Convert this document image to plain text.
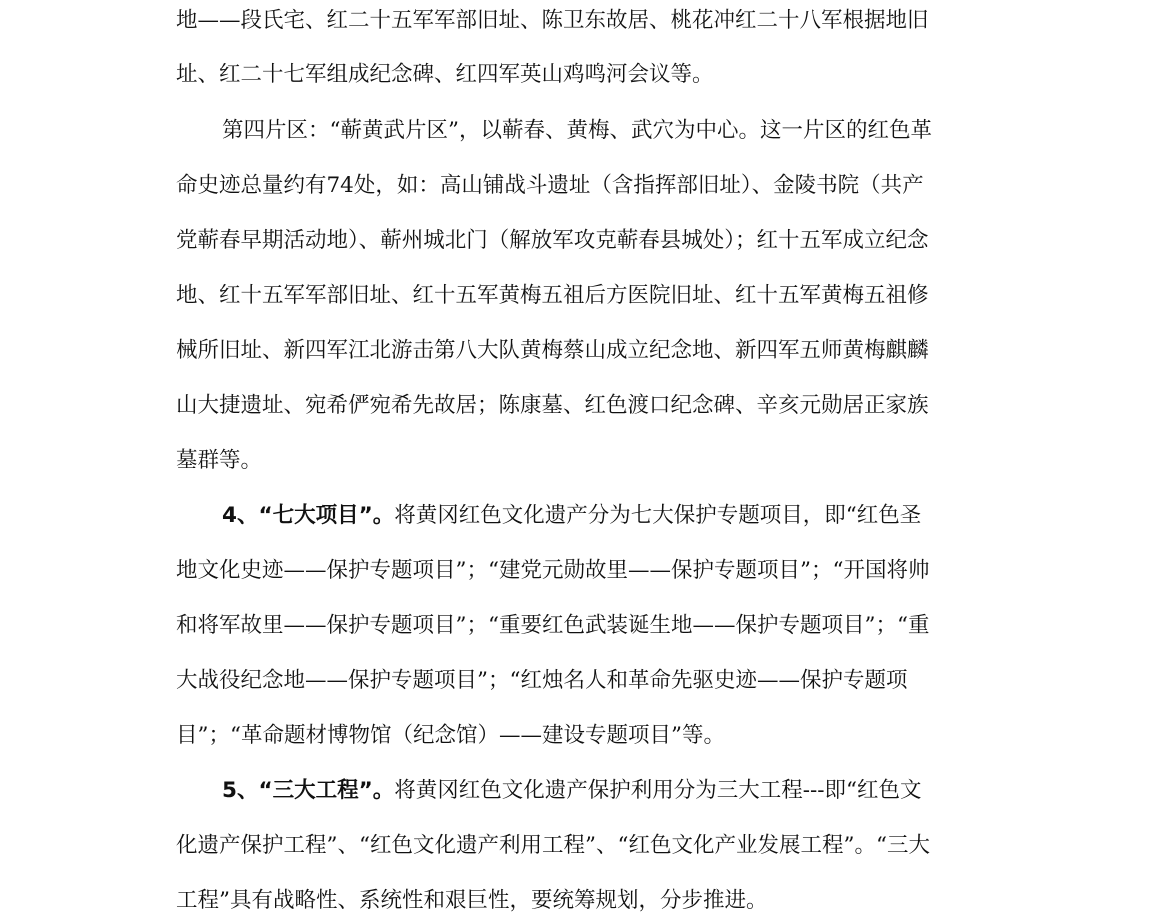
地——段氏宅、红二十五军军部旧址、陈卫东故居、桃花冲红二十八军根据地旧
址、红二十七军组成纪念碑、红四军英山鸡鸣河会议等。
第四片区：“蕲黄武片区”，以蕲春、黄梅、武穴为中心。这一片区的红色革
命史迹总量约有74处，如：高山铺战斗遗址（含指挥部旧址）、金陵书院（共产
党蕲春早期活动地）、蕲州城北门（解放军攻克蕲春县城处）；红十五军成立纪念
地、红十五军军部旧址、红十五军黄梅五祖后方医院旧址、红十五军黄梅五祖修
械所旧址、新四军江北游击第八大队黄梅蔡山成立纪念地、新四军五师黄梅麒麟
山大捷遗址、宛希俨宛希先故居；陈康墓、红色渡口纪念碑、辛亥元勋居正家族
墓群等。
4、“七大项目”。将黄冈红色文化遗产分为七大保护专题项目，即“红色圣
地文化史迹——保护专题项目”；“建党元勋故里——保护专题项目”；“开国将帅
和将军故里——保护专题项目”；“重要红色武装诞生地——保护专题项目”；“重
大战役纪念地——保护专题项目”；“红烛名人和革命先驱史迹——保护专题项
目”；“革命题材博物馆（纪念馆）——建设专题项目”等。
5、“三大工程”。将黄冈红色文化遗产保护利用分为三大工程---即“红色文
化遗产保护工程”、“红色文化遗产利用工程”、“红色文化产业发展工程”。“三大
工程”具有战略性、系统性和艰巨性，要统筹规划，分步推进。
